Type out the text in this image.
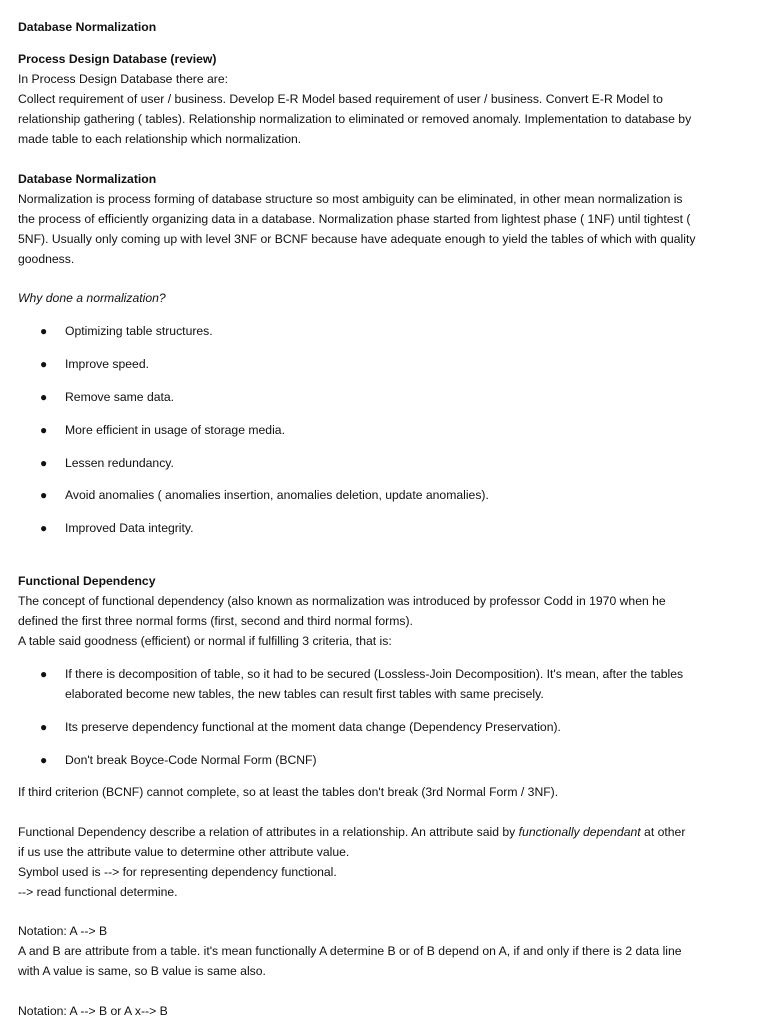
Database Normalization
Process Design Database (review)
In Process Design Database there are:
Collect requirement of user / business. Develop E-R Model based requirement of user / business. Convert E-R Model to
relationship gathering ( tables). Relationship normalization to eliminated or removed anomaly. Implementation to database by
made table to each relationship which normalization.
Database Normalization
Normalization is process forming of database structure so most ambiguity can be eliminated, in other mean normalization is
the process of efficiently organizing data in a database. Normalization phase started from lightest phase ( 1NF) until tightest (
5NF). Usually only coming up with level 3NF or BCNF because have adequate enough to yield the tables of which with quality
goodness.
Why done a normalization?
● Optimizing table structures.
● Improve speed.
● Remove same data.
● More efficient in usage of storage media.
● Lessen redundancy.
● Avoid anomalies ( anomalies insertion, anomalies deletion, update anomalies).
● Improved Data integrity.
Functional Dependency
The concept of functional dependency (also known as normalization was introduced by professor Codd in 1970 when he
defined the first three normal forms (first, second and third normal forms).
A table said goodness (efficient) or normal if fulfilling 3 criteria, that is:
● If there is decomposition of table, so it had to be secured (Lossless-Join Decomposition). It's mean, after the tables
elaborated become new tables, the new tables can result first tables with same precisely.
● Its preserve dependency functional at the moment data change (Dependency Preservation).
● Don't break Boyce-Code Normal Form (BCNF)
If third criterion (BCNF) cannot complete, so at least the tables don't break (3rd Normal Form / 3NF).
Functional Dependency describe a relation of attributes in a relationship. An attribute said by functionally dependant at other
if us use the attribute value to determine other attribute value.
Symbol used is --> for representing dependency functional.
--> read functional determine.
Notation: A --> B
A and B are attribute from a table. it's mean functionally A determine B or of B depend on A, if and only if there is 2 data line
with A value is same, so B value is same also.
Notation: A --> B or A x--> B
